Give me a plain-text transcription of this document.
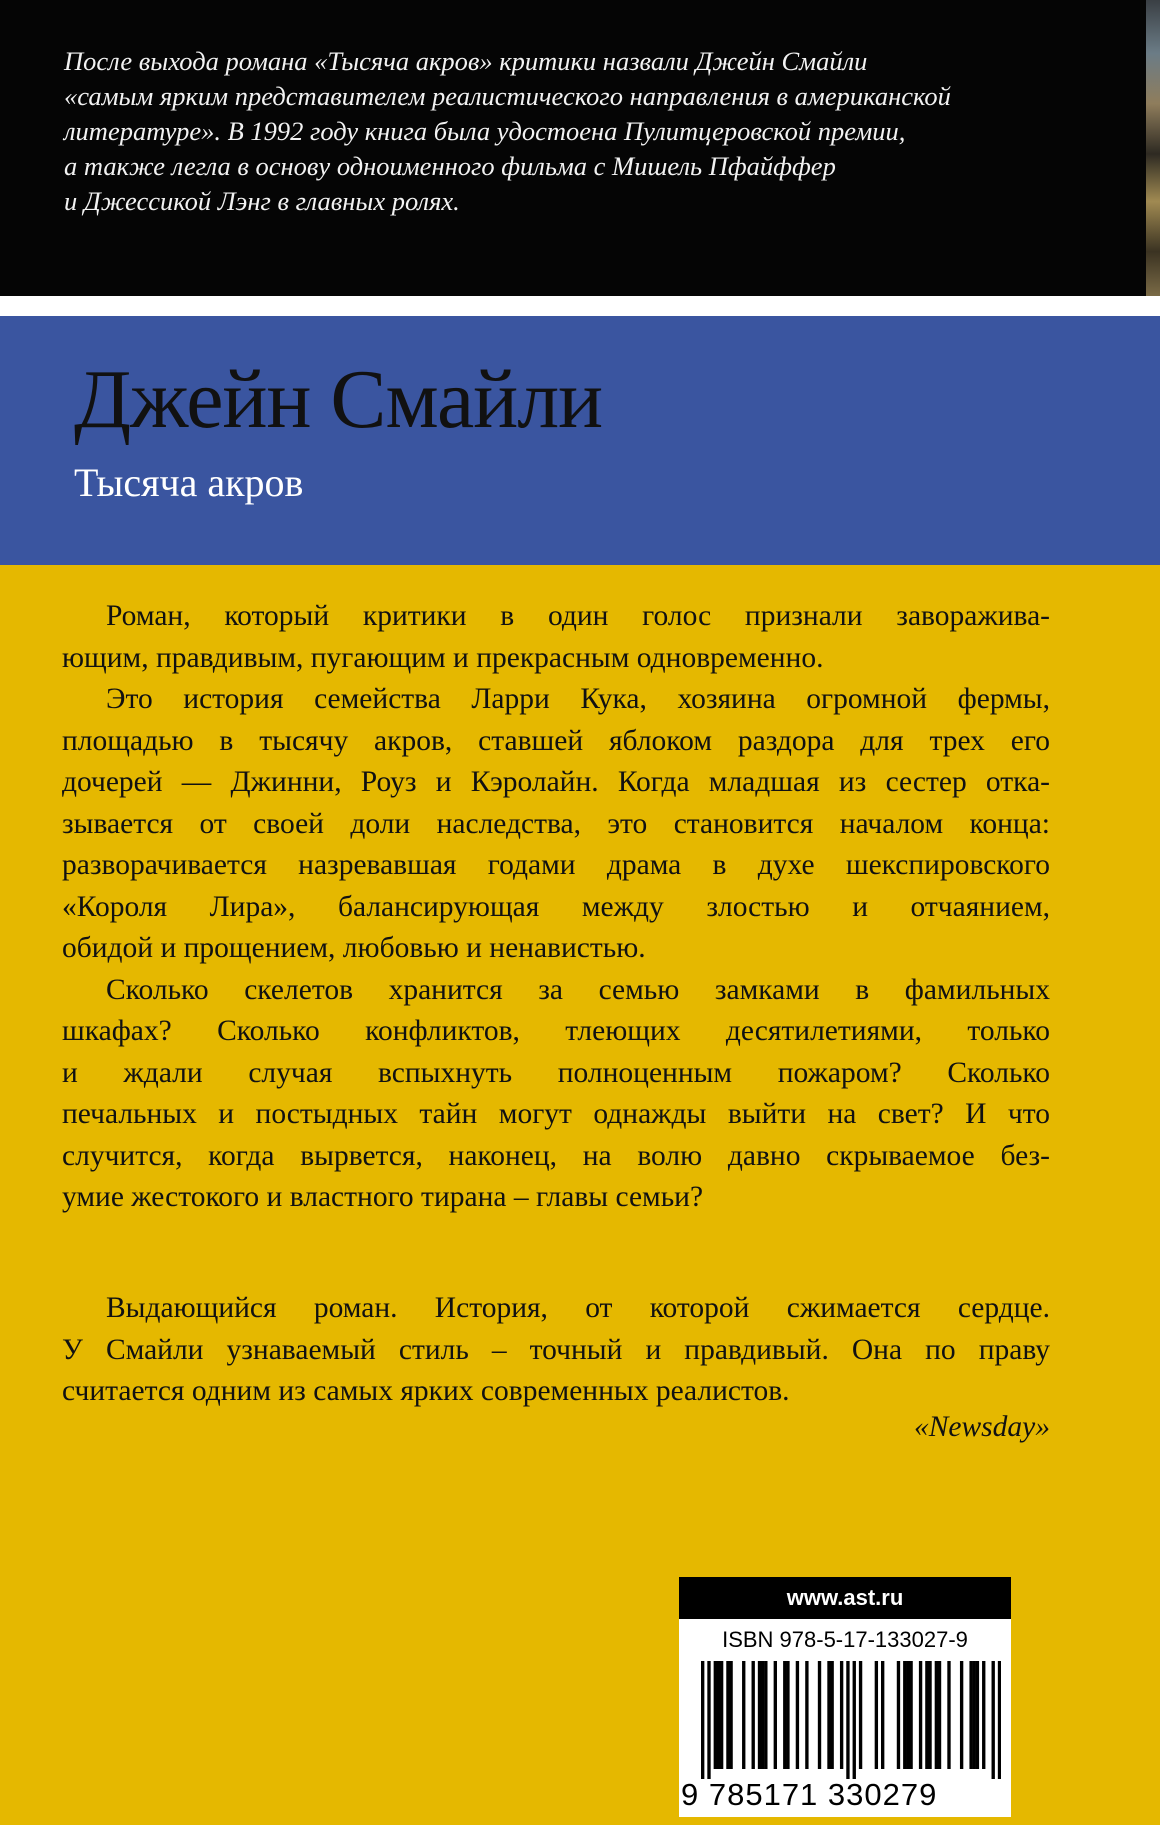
После выхода романа «Тысяча акров» критики назвали Джейн Смайли
«самым ярким представителем реалистического направления в американской
литературе». В 1992 году книга была удостоена Пулитцеровской премии,
а также легла в основу одноименного фильма с Мишель Пфайффер
и Джессикой Лэнг в главных ролях.

Джейн Смайли
Тысяча акров

Роман, который критики в один голос признали заворажива-
ющим, правдивым, пугающим и прекрасным одновременно.

Это история семейства Ларри Кука, хозяина огромной фермы,
площадью в тысячу акров, ставшей яблоком раздора для трех его
дочерей — Джинни, Роуз и Кэролайн. Когда младшая из сестер отка-
зывается от своей доли наследства, это становится началом конца:
разворачивается назревавшая годами драма в духе шекспировского
«Короля Лира», балансирующая между злостью и отчаянием,
обидой и прощением, любовью и ненавистью.

Сколько скелетов хранится за семью замками в фамильных
шкафах? Сколько конфликтов, тлеющих десятилетиями, только
и ждали случая вспыхнуть полноценным пожаром? Сколько
печальных и постыдных тайн могут однажды выйти на свет? И что
случится, когда вырвется, наконец, на волю давно скрываемое без-
умие жестокого и властного тирана – главы семьи?

Выдающийся роман. История, от которой сжимается сердце.
У Смайли узнаваемый стиль – точный и правдивый. Она по праву
считается одним из самых ярких современных реалистов.

«Newsday»

www.ast.ru
ISBN 978-5-17-133027-9
9 785171 330279
